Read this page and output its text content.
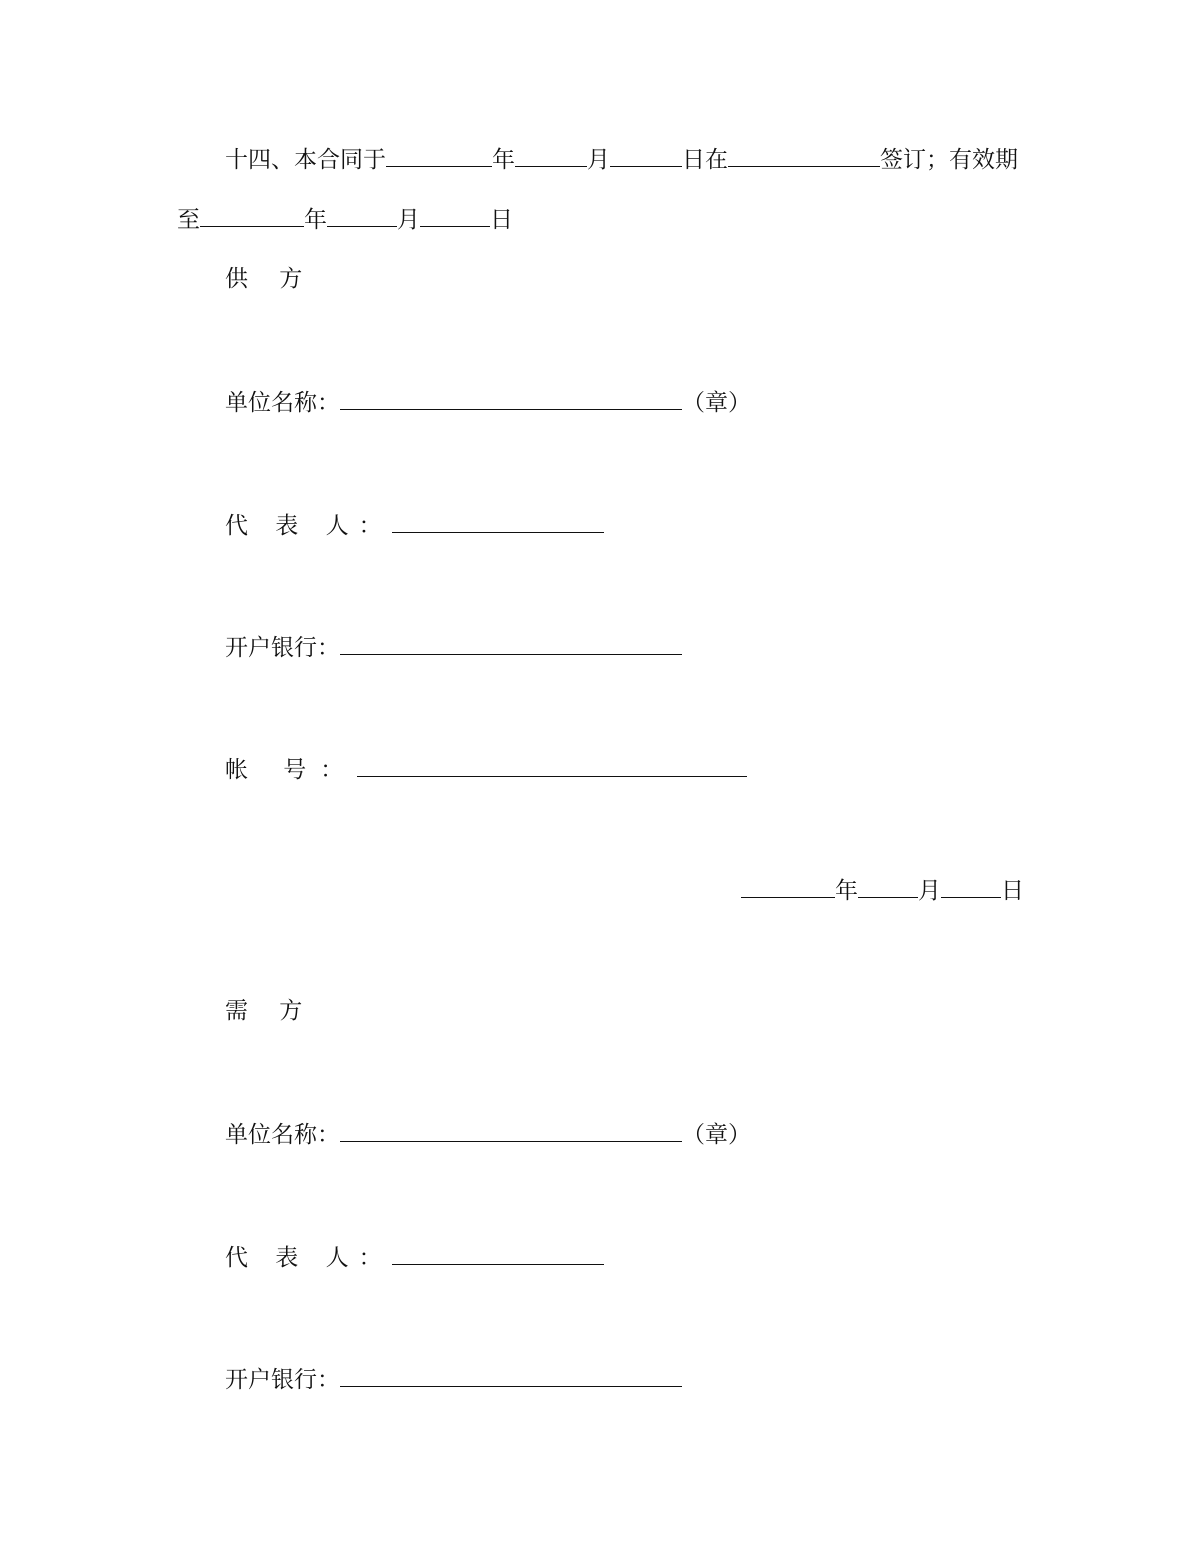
十四、本合同于	年	月	日在	签订；有效期
至	年	月	日
供 方
单位名称：	（章）
代 表 人：
开户银行：
帐 号：
年	月	日
需 方
单位名称：	（章）
代 表 人：
开户银行：
